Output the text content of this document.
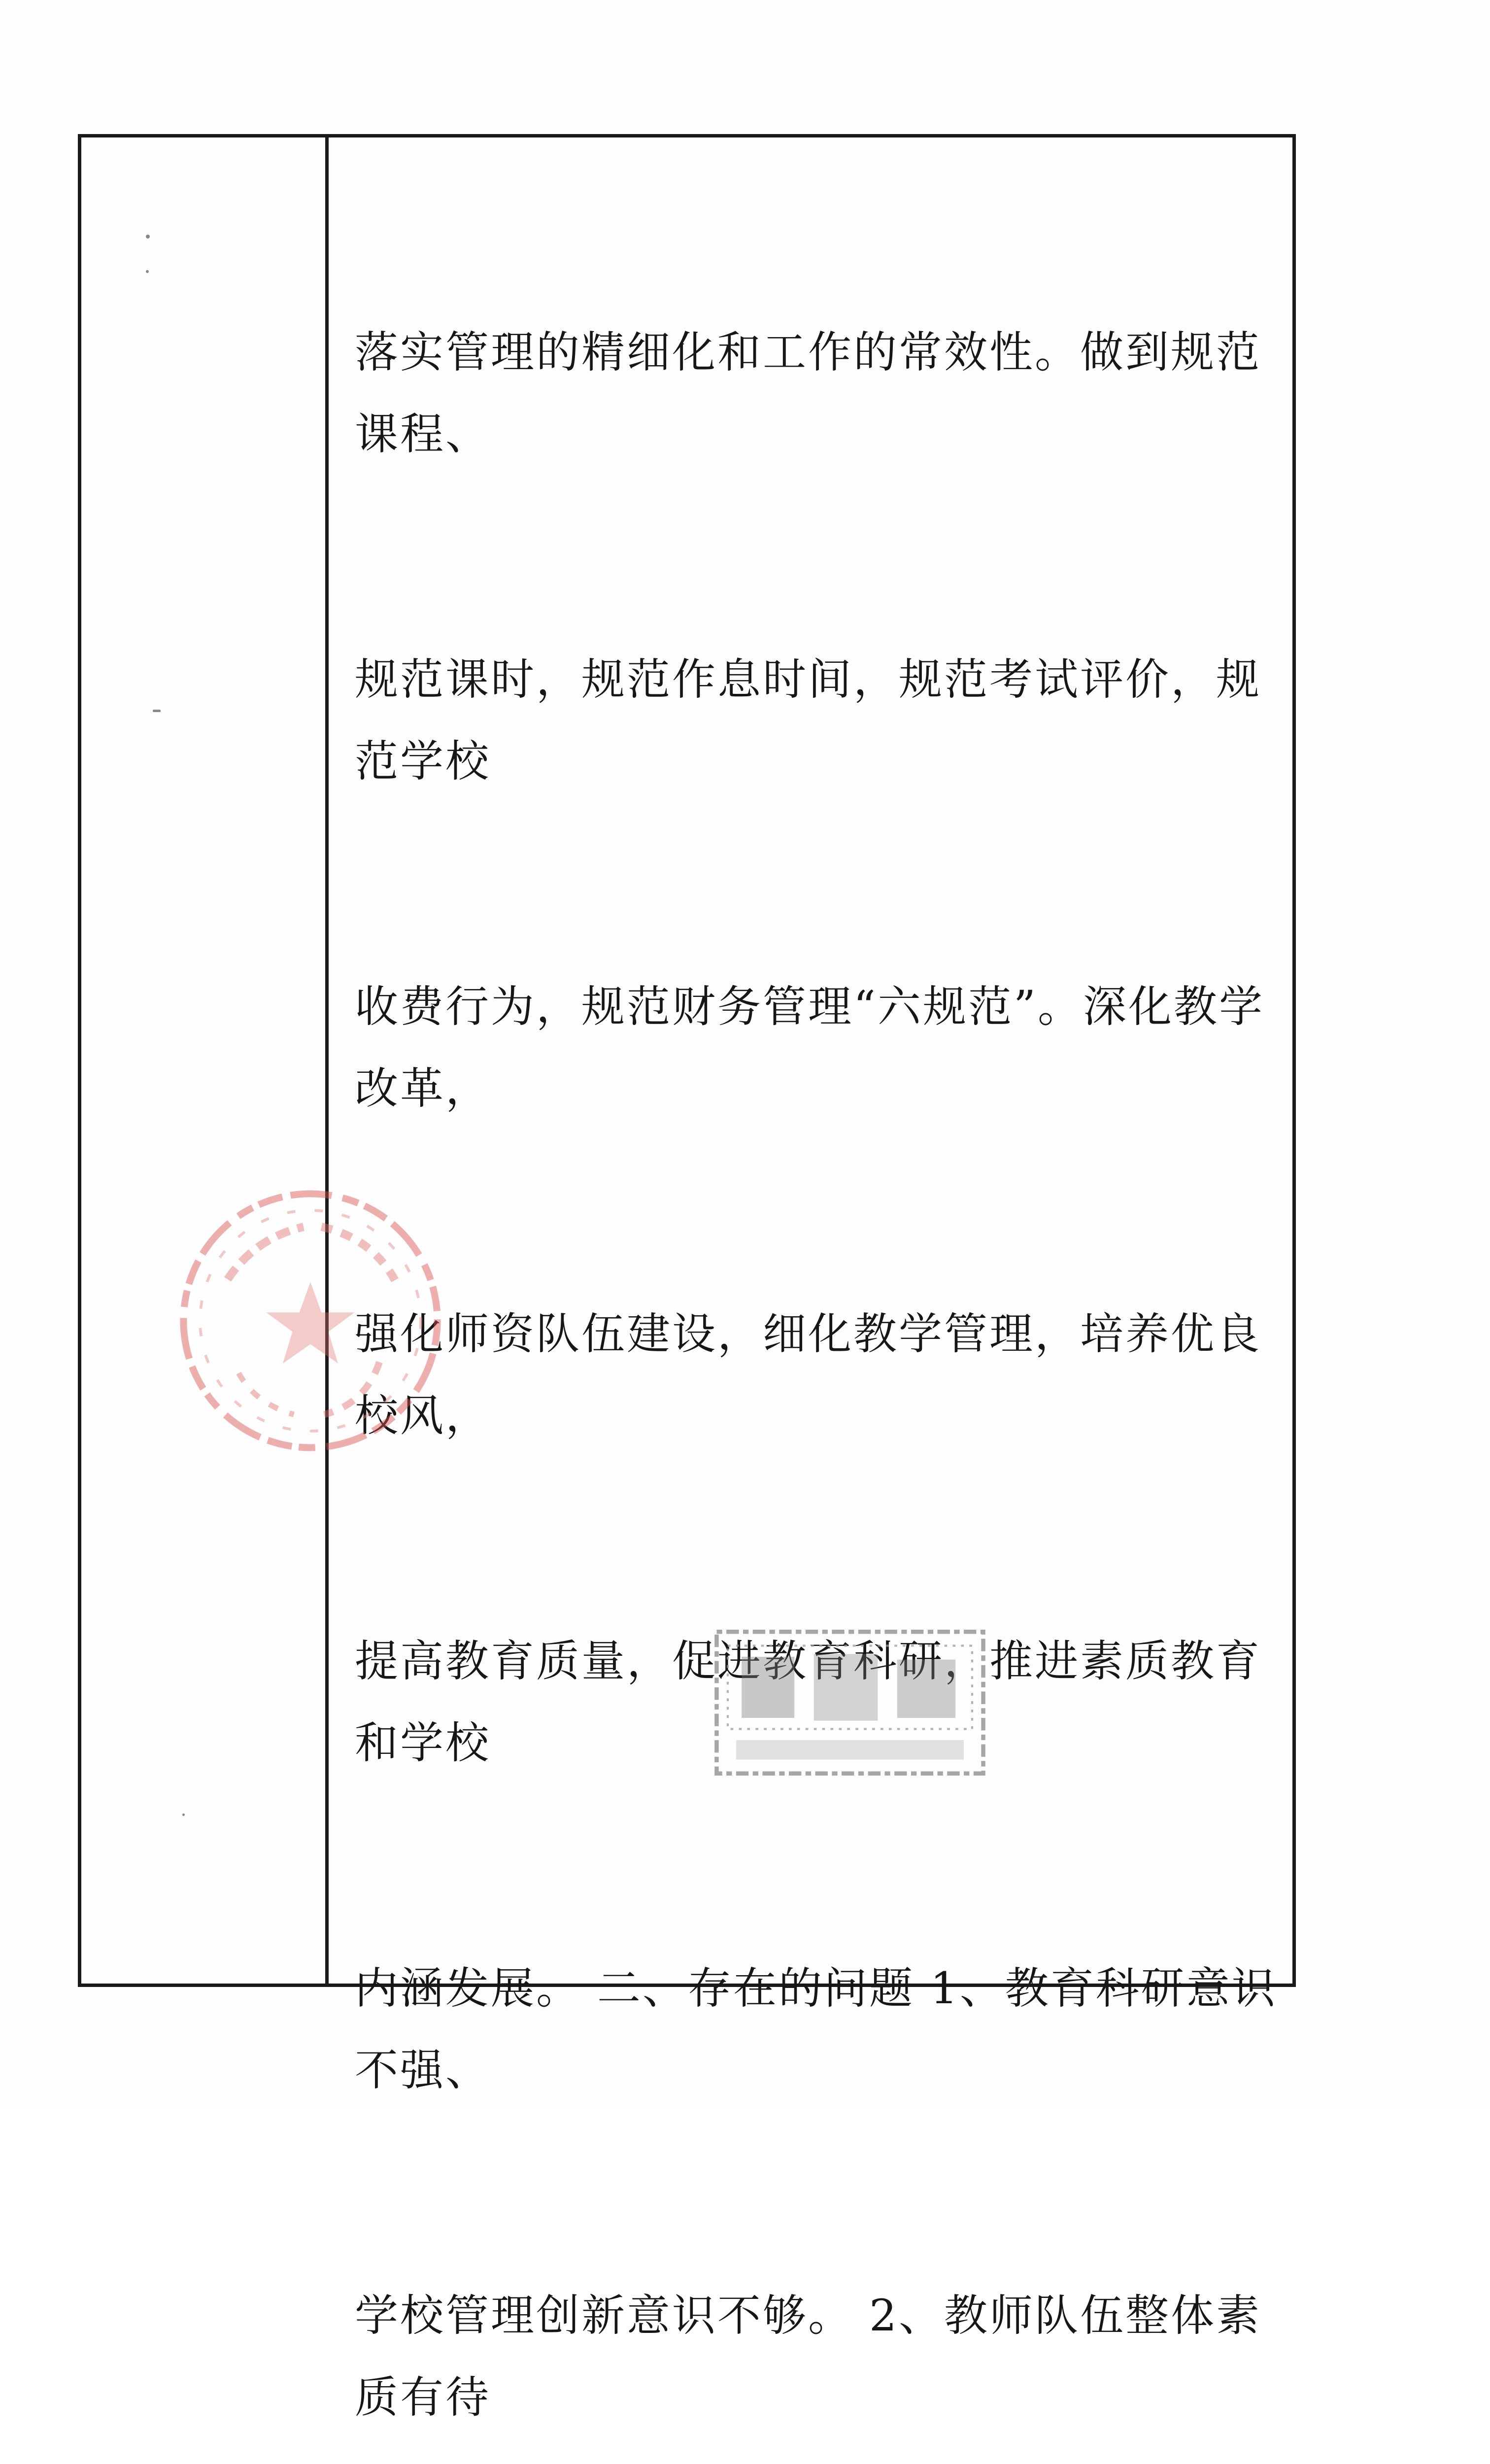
落实管理的精细化和工作的常效性。做到规范课程、

规范课时，规范作息时间，规范考试评价，规范学校

收费行为，规范财务管理“六规范”。深化教学改革，

强化师资队伍建设，细化教学管理，培养优良校风，

提高教育质量，促进教育科研，推进素质教育和学校

内涵发展。 二、存在的问题 1、教育科研意识不强、

学校管理创新意识不够。 2、教师队伍整体素质有待
